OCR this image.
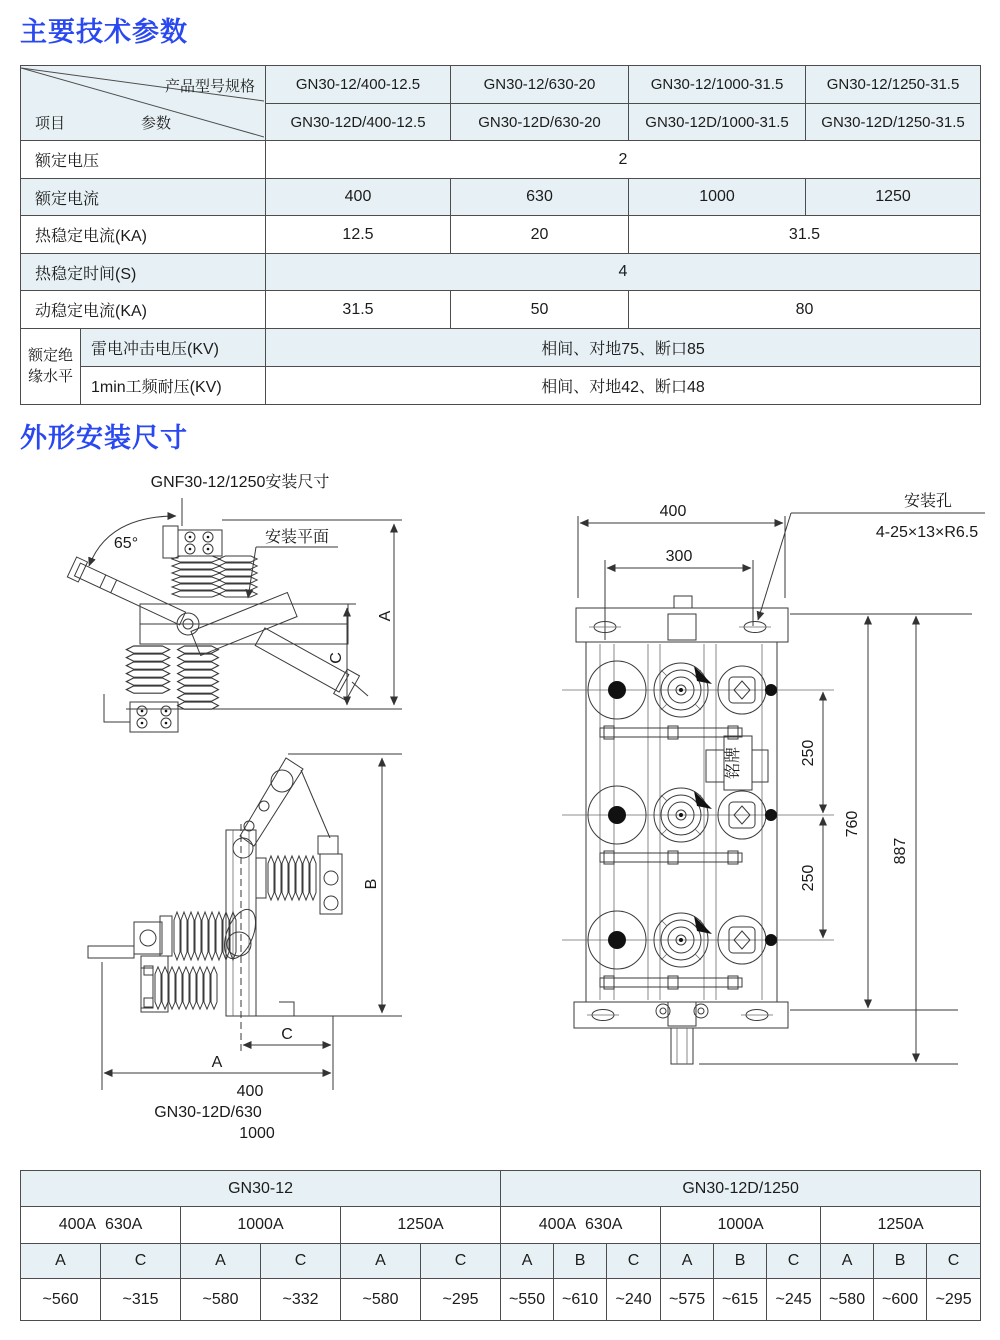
主要技术参数
产品型号规格
项目 参数		GN30-12/400-12.5	GN30-12/630-20	GN30-12/1000-31.5	GN30-12/1250-31.5
		GN30-12D/400-12.5	GN30-12D/630-20	GN30-12D/1000-31.5	GN30-12D/1250-31.5
额定电压		2			
额定电流		400	630	1000	1250
热稳定电流(KA)		12.5	20	31.5	
热稳定时间(S)		4			
动稳定电流(KA)		31.5	50	80	
额定绝缘水平	雷电冲击电压(KV)	相间、对地75、断口85			
	1min工频耐压(KV)	相间、对地42、断口48			
外形安装尺寸
GNF30-12/1250安装尺寸
65°	安装平面
A
C
B
C
A
400
GN30-12D/630
1000
400
300
安装孔
4-25×13×R6.5
铭牌	250
250
760
887
GN30-12						GN30-12D/1250								
400A  630A		1000A		1250A		400A  630A			1000A			1250A		
A	C	A	C	A	C	A	B	C	A	B	C	A	B	C
~560	~315	~580	~332	~580	~295	~550	~610	~240	~575	~615	~245	~580	~600	~295
